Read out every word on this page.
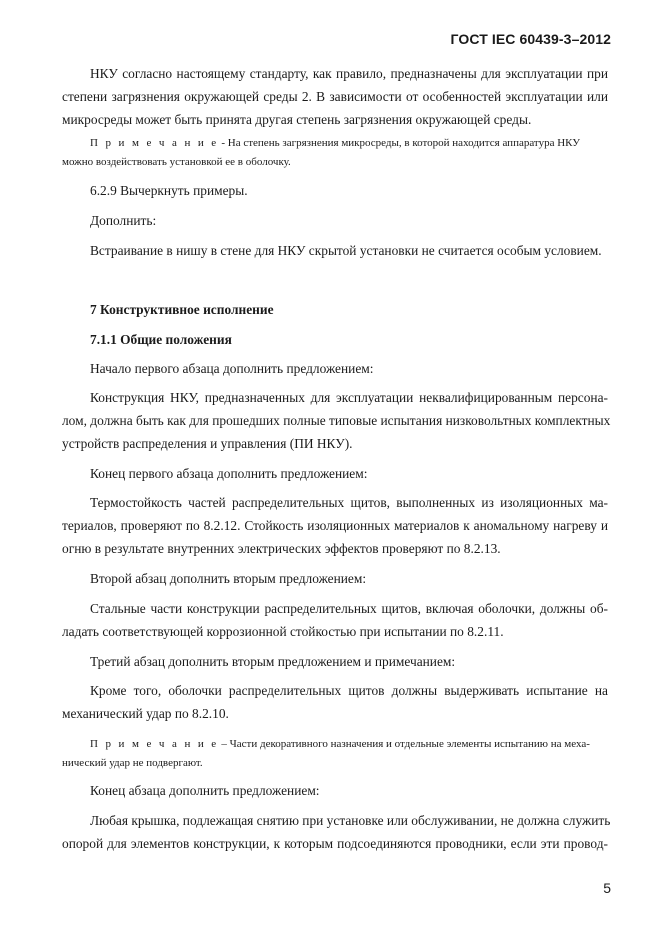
ГОСТ IEC 60439-3–2012
НКУ согласно настоящему стандарту, как правило, предназначены для эксплуатации при
степени загрязнения окружающей среды 2. В зависимости от особенностей эксплуатации или
микросреды может быть принята другая степень загрязнения окружающей среды.
П р и м е ч а н и е - На степень загрязнения микросреды, в которой находится аппаратура НКУ
можно воздействовать установкой ее в оболочку.
6.2.9 Вычеркнуть примеры.
Дополнить:
Встраивание в нишу в стене для НКУ скрытой установки не считается особым условием.
7 Конструктивное исполнение
7.1.1 Общие положения
Начало первого абзаца дополнить предложением:
Конструкция НКУ, предназначенных для эксплуатации неквалифицированным персона-
лом, должна быть как для прошедших полные типовые испытания низковольтных комплектных
устройств распределения и управления (ПИ НКУ).
Конец первого абзаца дополнить предложением:
Термостойкость частей распределительных щитов, выполненных из изоляционных ма-
териалов, проверяют по 8.2.12. Стойкость изоляционных материалов к аномальному нагреву и
огню в результате внутренних электрических эффектов проверяют по 8.2.13.
Второй абзац дополнить вторым предложением:
Стальные части конструкции распределительных щитов, включая оболочки, должны об-
ладать соответствующей коррозионной стойкостью при испытании по 8.2.11.
Третий абзац дополнить вторым предложением и примечанием:
Кроме того, оболочки распределительных щитов должны выдерживать испытание на
механический удар по 8.2.10.
П р и м е ч а н и е – Части декоративного назначения и отдельные элементы испытанию на меха-
нический удар не подвергают.
Конец абзаца дополнить предложением:
Любая крышка, подлежащая снятию при установке или обслуживании, не должна служить
опорой для элементов конструкции, к которым подсоединяются проводники, если эти провод-
5
